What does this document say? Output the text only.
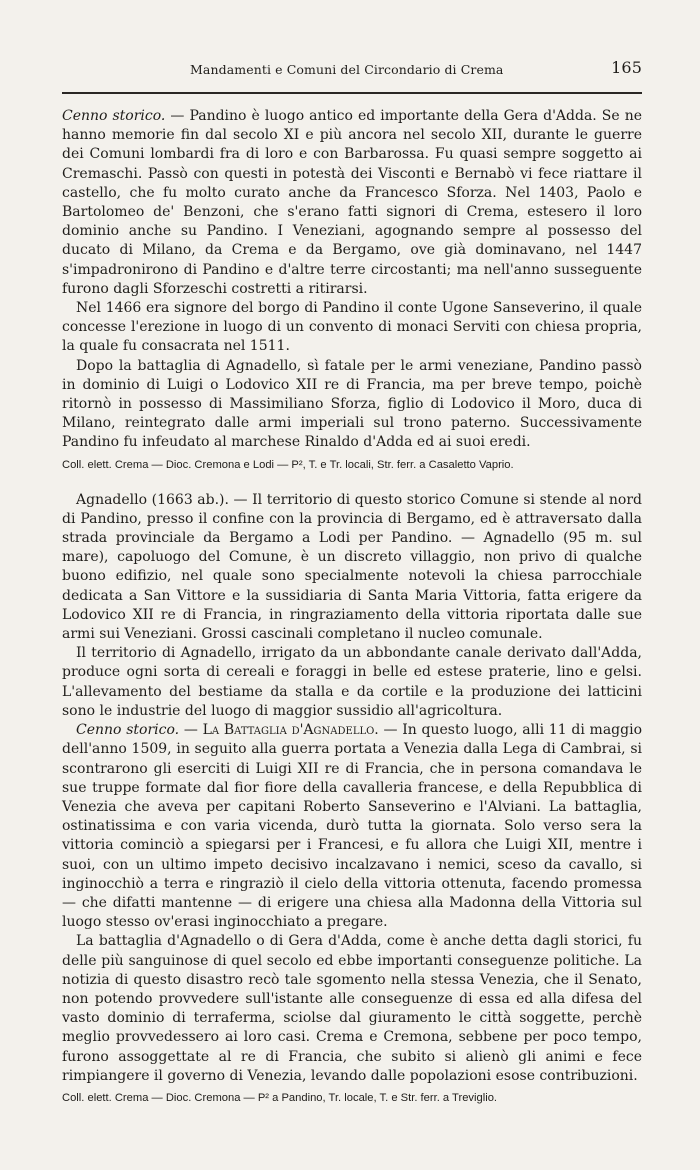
Mandamenti e Comuni del Circondario di Crema	165

Cenno storico. — Pandino è luogo antico ed importante della Gera d'Adda. Se ne hanno memorie fin dal secolo XI e più ancora nel secolo XII, durante le guerre dei Comuni lombardi fra di loro e con Barbarossa. Fu quasi sempre soggetto ai Cremaschi. Passò con questi in potestà dei Visconti e Bernabò vi fece riattare il castello, che fu molto curato anche da Francesco Sforza. Nel 1403, Paolo e Bartolomeo de' Benzoni, che s'erano fatti signori di Crema, estesero il loro dominio anche su Pandino. I Veneziani, agognando sempre al possesso del ducato di Milano, da Crema e da Bergamo, ove già dominavano, nel 1447 s'impadronirono di Pandino e d'altre terre circostanti; ma nell'anno susseguente furono dagli Sforzeschi costretti a ritirarsi.

Nel 1466 era signore del borgo di Pandino il conte Ugone Sanseverino, il quale concesse l'erezione in luogo di un convento di monaci Serviti con chiesa propria, la quale fu consacrata nel 1511.

Dopo la battaglia di Agnadello, sì fatale per le armi veneziane, Pandino passò in dominio di Luigi o Lodovico XII re di Francia, ma per breve tempo, poichè ritornò in possesso di Massimiliano Sforza, figlio di Lodovico il Moro, duca di Milano, reintegrato dalle armi imperiali sul trono paterno. Successivamente Pandino fu infeudato al marchese Rinaldo d'Adda ed ai suoi eredi.

Coll. elett. Crema — Dioc. Cremona e Lodi — P², T. e Tr. locali, Str. ferr. a Casaletto Vaprio.

Agnadello (1663 ab.). — Il territorio di questo storico Comune si stende al nord di Pandino, presso il confine con la provincia di Bergamo, ed è attraversato dalla strada provinciale da Bergamo a Lodi per Pandino. — Agnadello (95 m. sul mare), capoluogo del Comune, è un discreto villaggio, non privo di qualche buono edifizio, nel quale sono specialmente notevoli la chiesa parrocchiale dedicata a San Vittore e la sussidiaria di Santa Maria Vittoria, fatta erigere da Lodovico XII re di Francia, in ringraziamento della vittoria riportata dalle sue armi sui Veneziani. Grossi cascinali completano il nucleo comunale.

Il territorio di Agnadello, irrigato da un abbondante canale derivato dall'Adda, produce ogni sorta di cereali e foraggi in belle ed estese praterie, lino e gelsi. L'allevamento del bestiame da stalla e da cortile e la produzione dei latticini sono le industrie del luogo di maggior sussidio all'agricoltura.

Cenno storico. — La Battaglia d'Agnadello. — In questo luogo, alli 11 di maggio dell'anno 1509, in seguito alla guerra portata a Venezia dalla Lega di Cambrai, si scontrarono gli eserciti di Luigi XII re di Francia, che in persona comandava le sue truppe formate dal fior fiore della cavalleria francese, e della Repubblica di Venezia che aveva per capitani Roberto Sanseverino e l'Alviani. La battaglia, ostinatissima e con varia vicenda, durò tutta la giornata. Solo verso sera la vittoria cominciò a spiegarsi per i Francesi, e fu allora che Luigi XII, mentre i suoi, con un ultimo impeto decisivo incalzavano i nemici, sceso da cavallo, si inginocchiò a terra e ringraziò il cielo della vittoria ottenuta, facendo promessa — che difatti mantenne — di erigere una chiesa alla Madonna della Vittoria sul luogo stesso ov'erasi inginocchiato a pregare.

La battaglia d'Agnadello o di Gera d'Adda, come è anche detta dagli storici, fu delle più sanguinose di quel secolo ed ebbe importanti conseguenze politiche. La notizia di questo disastro recò tale sgomento nella stessa Venezia, che il Senato, non potendo provvedere sull'istante alle conseguenze di essa ed alla difesa del vasto dominio di terraferma, sciolse dal giuramento le città soggette, perchè meglio provvedessero ai loro casi. Crema e Cremona, sebbene per poco tempo, furono assoggettate al re di Francia, che subito si alienò gli animi e fece rimpiangere il governo di Venezia, levando dalle popolazioni esose contribuzioni.

Coll. elett. Crema — Dioc. Cremona — P² a Pandino, Tr. locale, T. e Str. ferr. a Treviglio.
